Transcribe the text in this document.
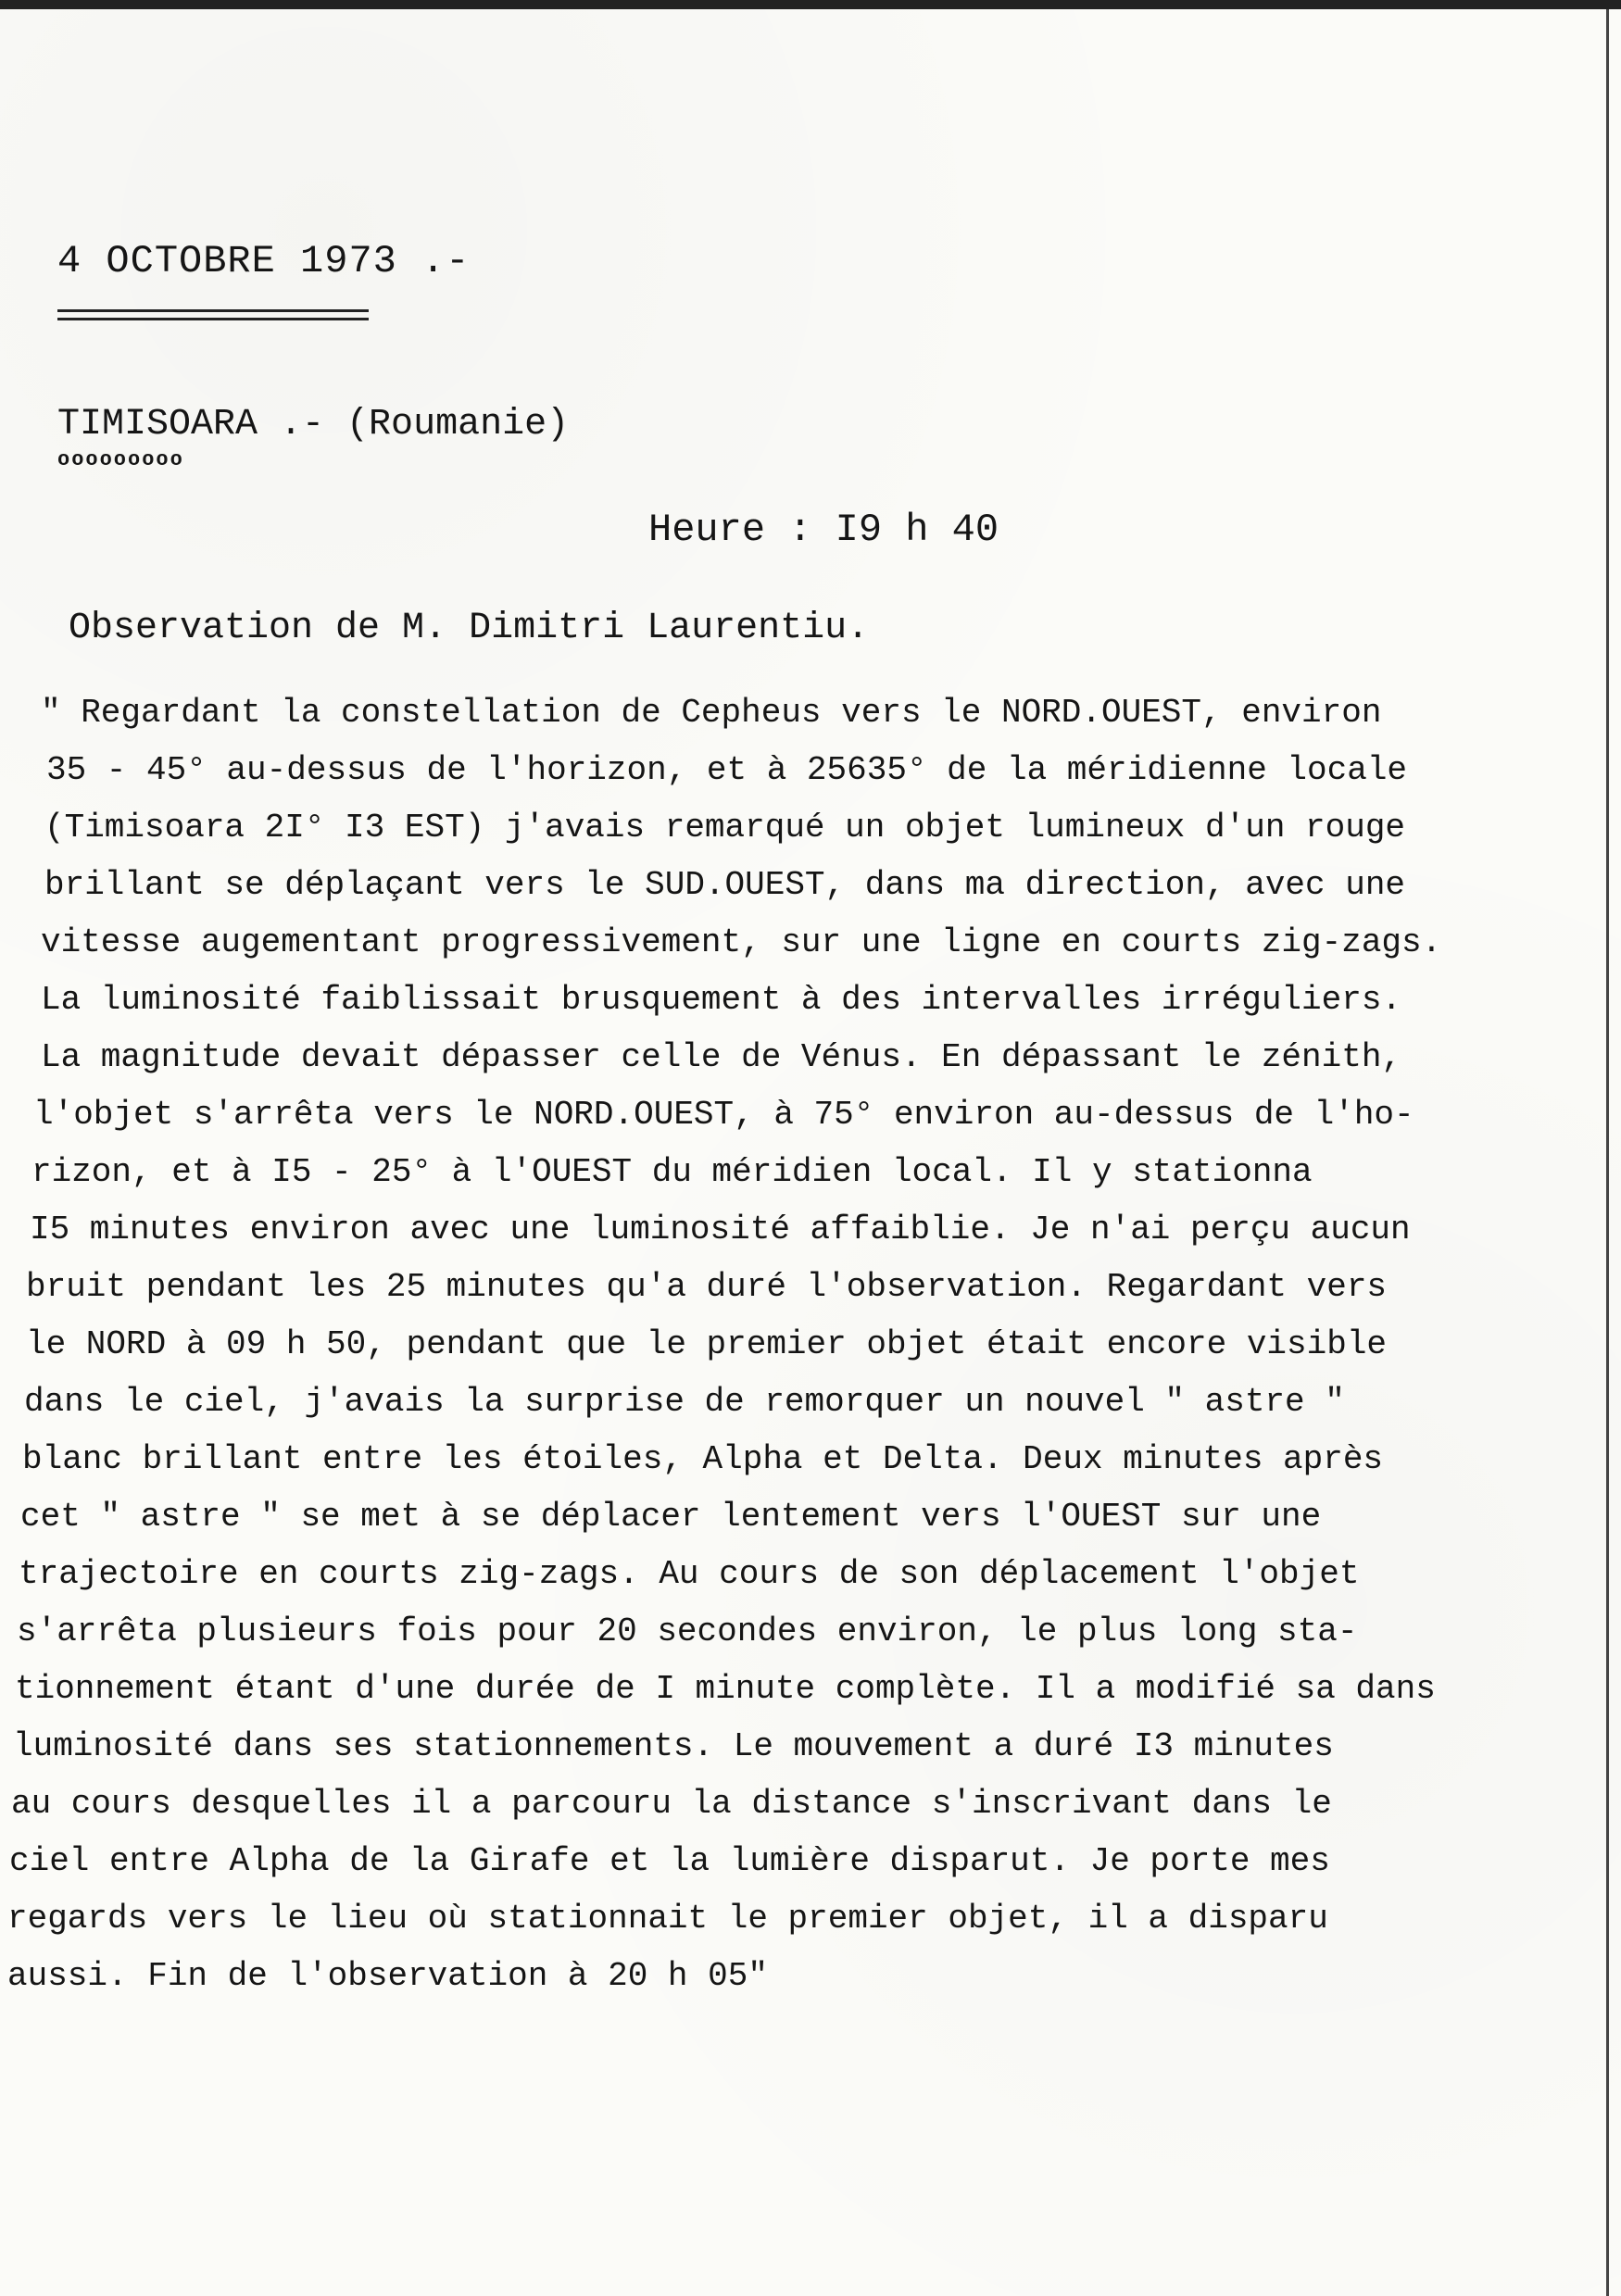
4 OCTOBRE 1973 .-
TIMISOARA .- (Roumanie)
ooooooooo
Heure : I9 h 40
Observation de M. Dimitri Laurentiu.
" Regardant la constellation de Cepheus vers le NORD.OUEST, environ
35 - 45° au-dessus de l'horizon, et à 25635° de la méridienne locale
(Timisoara 2I° I3 EST) j'avais remarqué un objet lumineux d'un rouge
brillant se déplaçant vers le SUD.OUEST, dans ma direction, avec une
vitesse augementant progressivement, sur une ligne en courts zig-zags.
La luminosité faiblissait brusquement à des intervalles irréguliers.
La magnitude devait dépasser celle de Vénus. En dépassant le zénith,
l'objet s'arrêta vers le NORD.OUEST, à 75° environ au-dessus de l'ho-
rizon, et à I5 - 25° à l'OUEST du méridien local. Il y stationna
I5 minutes environ avec une luminosité affaiblie. Je n'ai perçu aucun
bruit pendant les 25 minutes qu'a duré l'observation. Regardant vers
le NORD à 09 h 50, pendant que le premier objet était encore visible
dans le ciel, j'avais la surprise de remorquer un nouvel " astre "
blanc brillant entre les étoiles, Alpha et Delta. Deux minutes après
cet " astre " se met à se déplacer lentement vers l'OUEST sur une
trajectoire en courts zig-zags. Au cours de son déplacement l'objet
s'arrêta plusieurs fois pour 20 secondes environ, le plus long sta-
tionnement étant d'une durée de I minute complète. Il a modifié sa dans
luminosité dans ses stationnements. Le mouvement a duré I3 minutes
au cours desquelles il a parcouru la distance s'inscrivant dans le
ciel entre Alpha de la Girafe et la lumière disparut. Je porte mes
regards vers le lieu où stationnait le premier objet, il a disparu
aussi. Fin de l'observation à 20 h 05"
